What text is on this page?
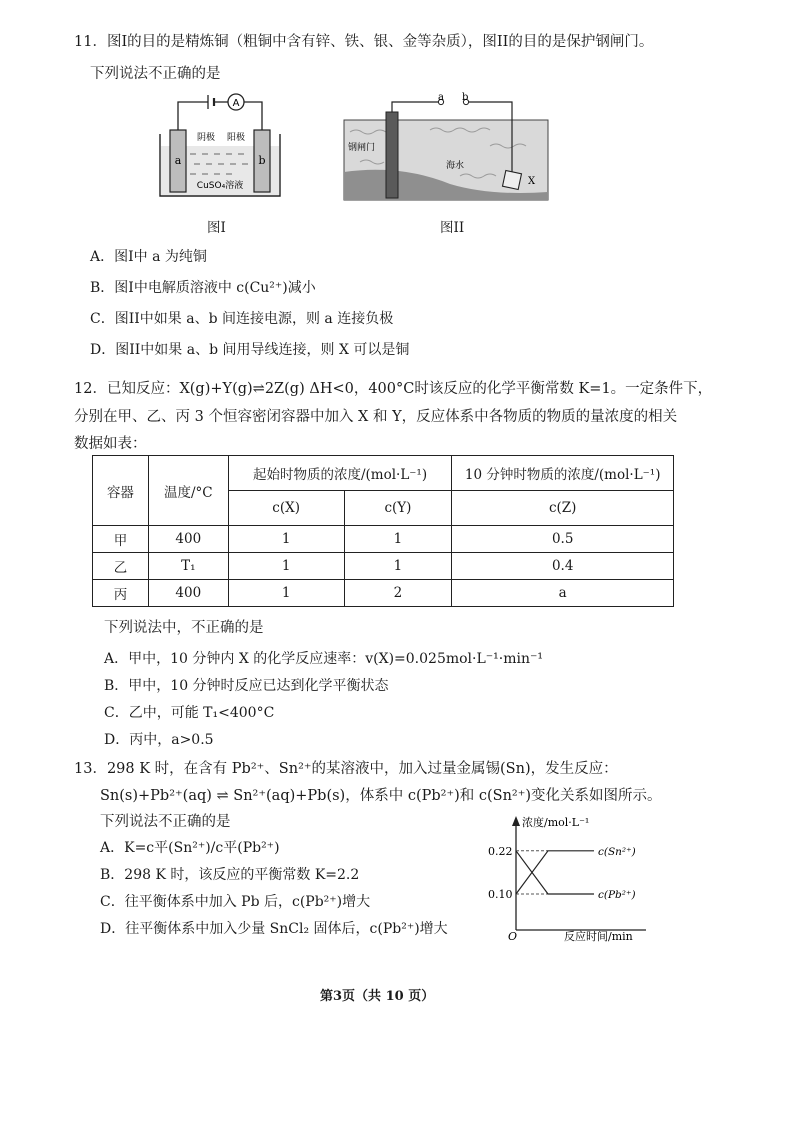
11．图I的目的是精炼铜（粗铜中含有锌、铁、银、金等杂质），图II的目的是保护钢闸门。
下列说法不正确的是
A
a	b
阴极 阳极
CuSO₄溶液
图I
a b
X
钢闸门
海水
图II
A．图I中 a 为纯铜
B．图I中电解质溶液中 c(Cu²⁺)减小
C．图II中如果 a、b 间连接电源，则 a 连接负极
D．图II中如果 a、b 间用导线连接，则 X 可以是铜
12．已知反应：X(g)+Y(g)⇌2Z(g) ΔH<0，400°C时该反应的化学平衡常数 K=1。一定条件下，
分别在甲、乙、丙 3 个恒容密闭容器中加入 X 和 Y，反应体系中各物质的物质的量浓度的相关
数据如表：
容器	温度/°C	起始时物质的浓度/(mol·L⁻¹)		10 分钟时物质的浓度/(mol·L⁻¹)
		c(X)	c(Y)	c(Z)
甲	400	1	1	0.5
乙	T₁	1	1	0.4
丙	400	1	2	a
下列说法中，不正确的是
A．甲中，10 分钟内 X 的化学反应速率：v(X)=0.025mol·L⁻¹·min⁻¹
B．甲中，10 分钟时反应已达到化学平衡状态
C．乙中，可能 T₁<400°C
D．丙中，a>0.5
13．298 K 时，在含有 Pb²⁺、Sn²⁺的某溶液中，加入过量金属锡(Sn)，发生反应：
Sn(s)+Pb²⁺(aq) ⇌ Sn²⁺(aq)+Pb(s)，体系中 c(Pb²⁺)和 c(Sn²⁺)变化关系如图所示。
下列说法不正确的是
A．K=c平(Sn²⁺)/c平(Pb²⁺)
B．298 K 时，该反应的平衡常数 K=2.2
C．往平衡体系中加入 Pb 后，c(Pb²⁺)增大
D．往平衡体系中加入少量 SnCl₂ 固体后，c(Pb²⁺)增大
浓度/mol·L⁻¹
反应时间/min
O
0.22
0.10
c(Sn²⁺)
c(Pb²⁺)
第3页（共 10 页）
